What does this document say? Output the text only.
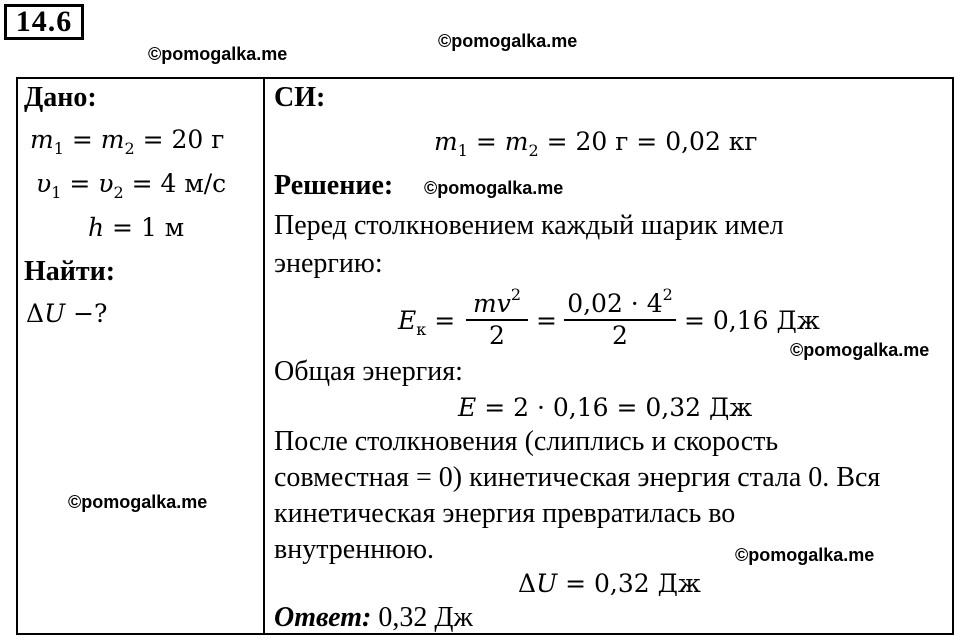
14.6
©pomogalka.me
©pomogalka.me
©pomogalka.me
©pomogalka.me
©pomogalka.me
©pomogalka.me
Дано:
$m_1 = m_2 = 20$ г
$\upsilon_1 = \upsilon_2 = 4$ м/с
h = 1 м
Найти:
ΔU −?
СИ:
$m_1 = m_2 = 20$ г = 0,02 кг
Решение:
Перед столкновением каждый шарик имел
энергию:
$E_к$ =
$mv^2$
2
=
$0,02 \cdot 4^2$
2
= 0,16 Дж
Общая энергия:
E = 2 · 0,16 = 0,32 Дж
После столкновения (слиплись и скорость
совместная = 0) кинетическая энергия стала 0. Вся
кинетическая энергия превратилась во
внутреннюю.
ΔU = 0,32 Дж
Ответ: 0,32 Дж
